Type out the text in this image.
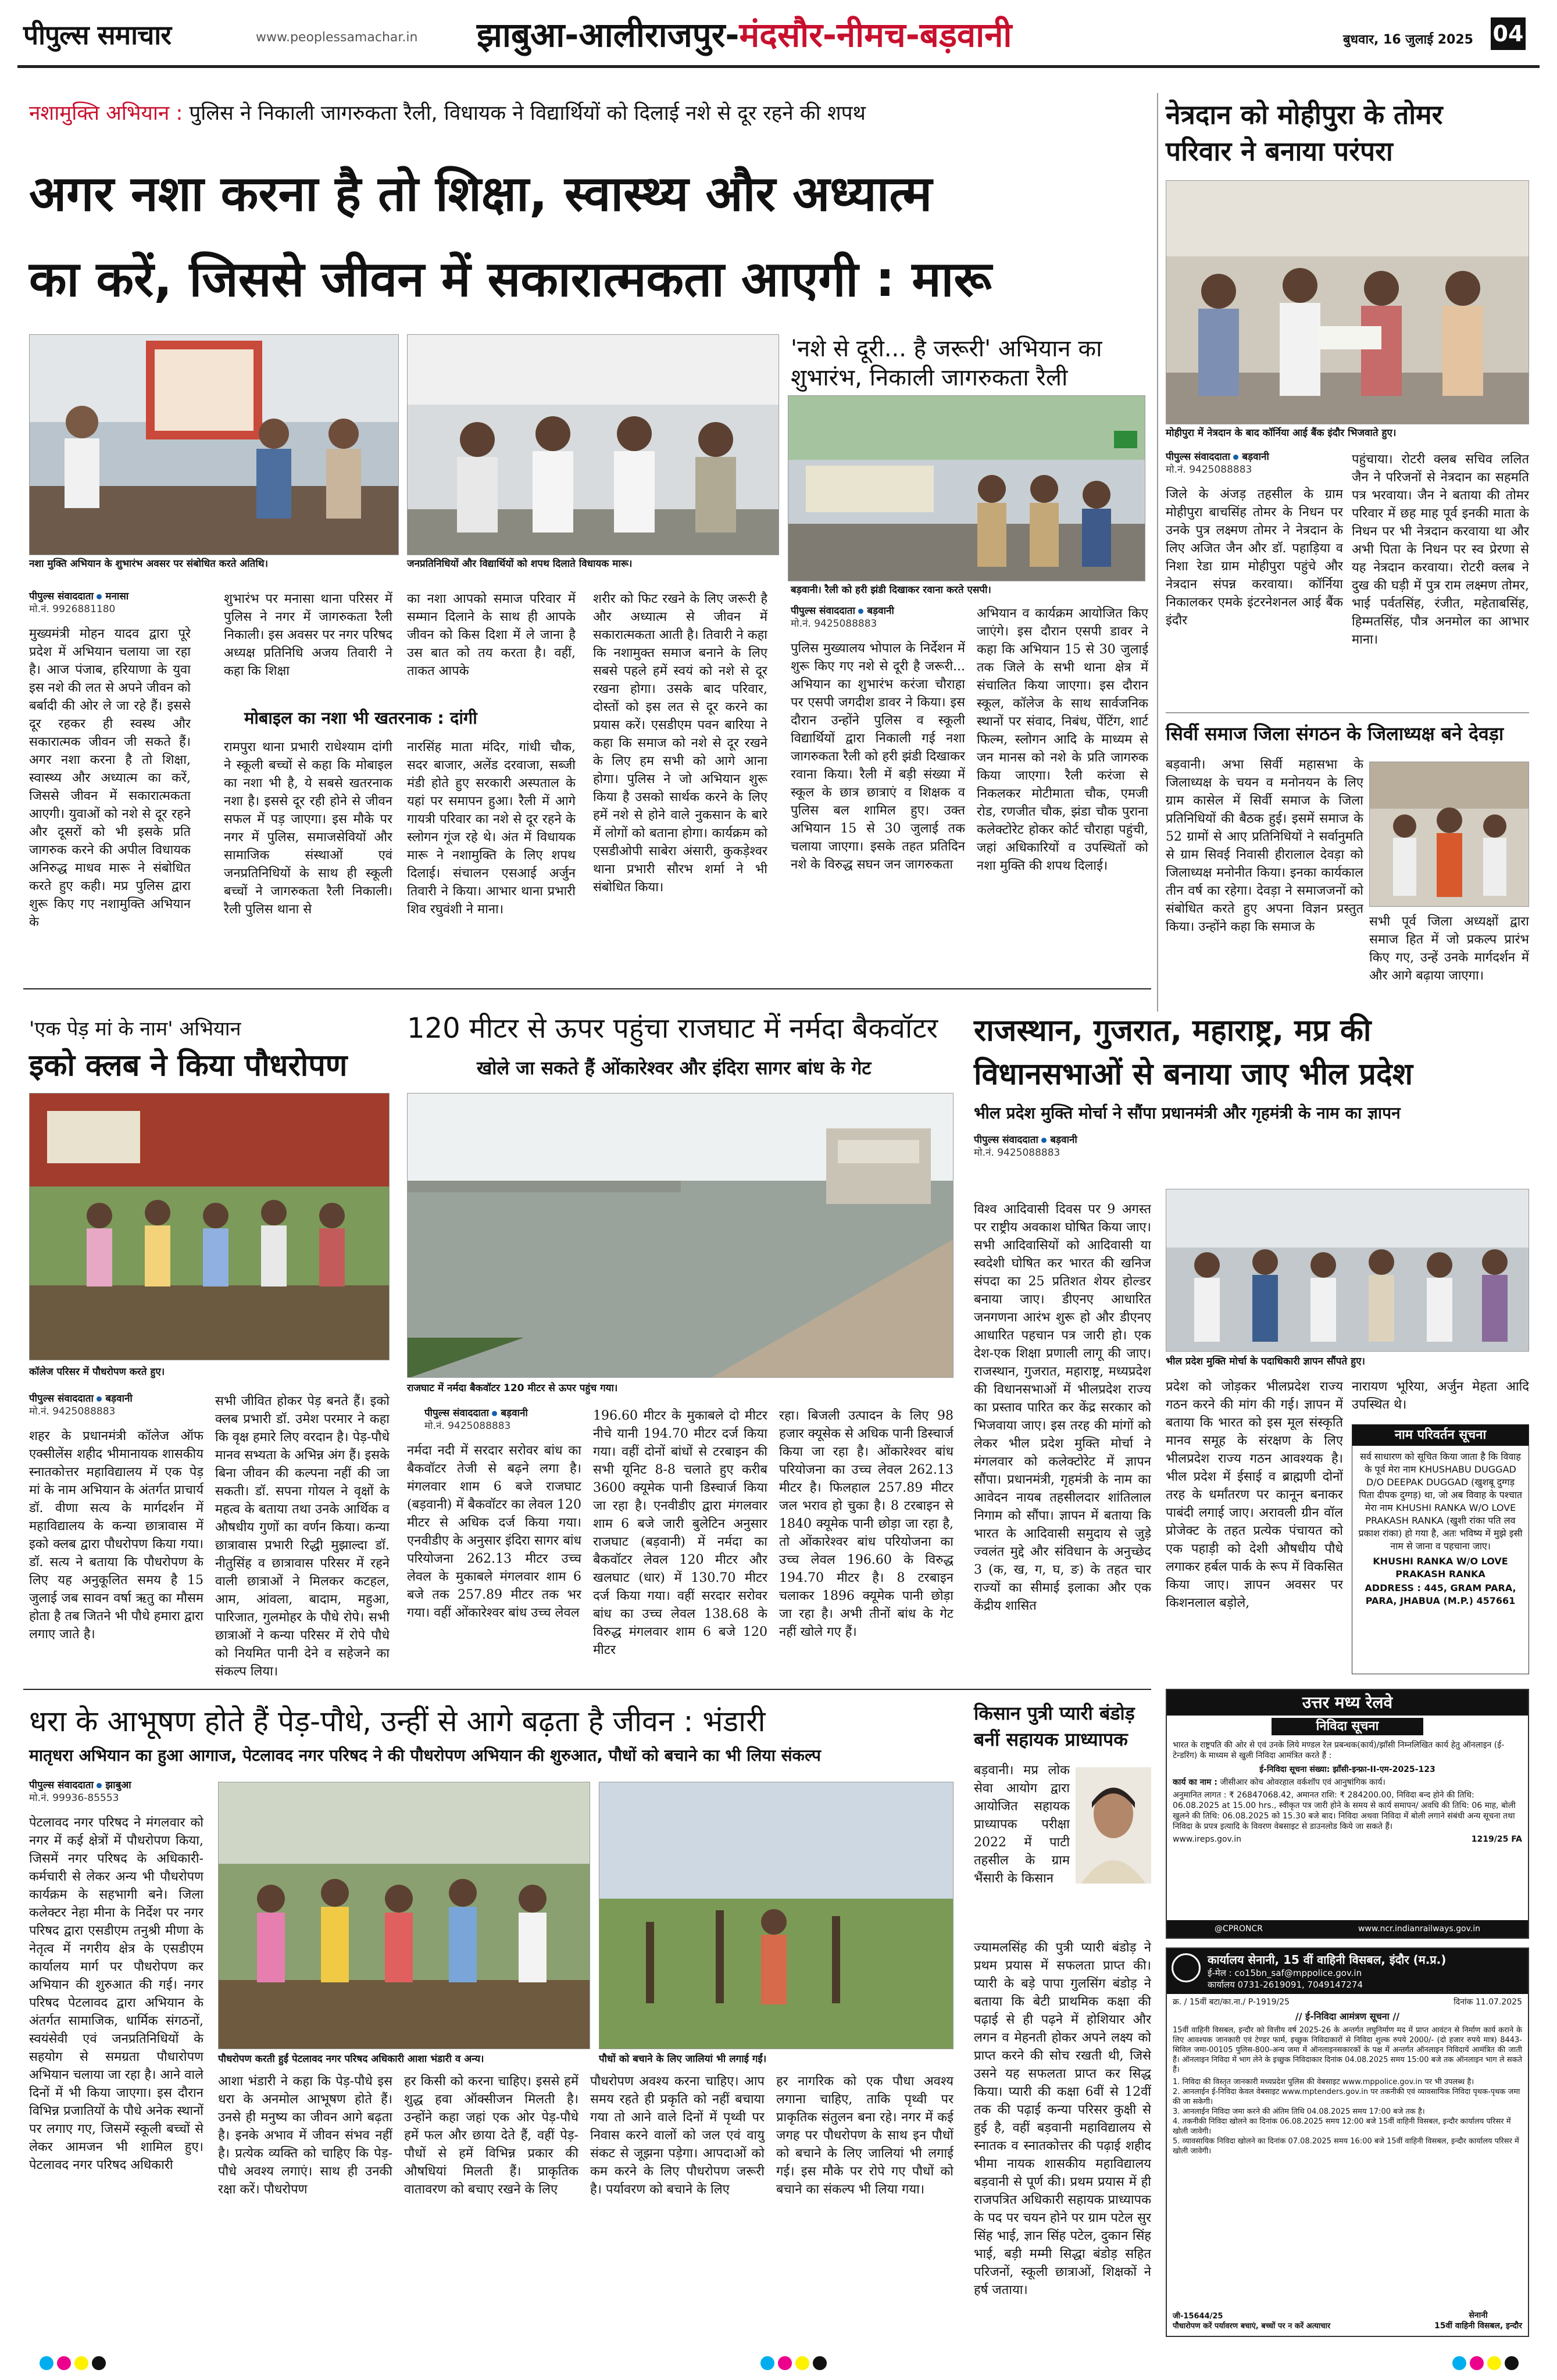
पीपुल्स समाचार	www.peoplessamachar.in झाबुआ-आलीराजपुर-मंदसौर-नीमच-बड़वानी	बुधवार, 16 जुलाई 2025 04
नशामुक्ति अभियान : पुलिस ने निकाली जागरुकता रैली, विधायक ने विद्यार्थियों को दिलाई नशे से दूर रहने की शपथ
अगर नशा करना है तो शिक्षा, स्वास्थ्य और अध्यात्म
का करें, जिससे जीवन में सकारात्मकता आएगी : मारू
नशा मुक्ति अभियान के शुभारंभ अवसर पर संबोधित करते अतिथि।	जनप्रतिनिधियों और विद्यार्थियों को शपथ दिलाते विधायक मारू।
पीपुल्स संवाददाता मनासा
मो.नं. 9926881180

मुख्यमंत्री मोहन यादव द्वारा पूरे प्रदेश में अभियान चलाया जा रहा है। आज पंजाब, हरियाणा के युवा इस नशे की लत से अपने जीवन को बर्बादी की ओर ले जा रहे हैं। इससे दूर रहकर ही स्वस्थ और सकारात्मक जीवन जी सकते हैं। अगर नशा करना है तो शिक्षा, स्वास्थ्य और अध्यात्म का करें, जिससे जीवन में सकारात्मकता आएगी। युवाओं को नशे से दूर रहने और दूसरों को भी इसके प्रति जागरुक करने की अपील विधायक अनिरुद्ध माधव मारू ने संबोधित करते हुए कही। मप्र पुलिस द्वारा शुरू किए गए नशामुक्ति अभियान के

शुभारंभ पर मनासा थाना परिसर में पुलिस ने नगर में जागरुकता रैली निकाली। इस अवसर पर नगर परिषद अध्यक्ष प्रतिनिधि अजय तिवारी ने कहा कि शिक्षा

का नशा आपको समाज परिवार में सम्मान दिलाने के साथ ही आपके जीवन को किस दिशा में ले जाना है उस बात को तय करता है। वहीं, ताकत आपके

मोबाइल का नशा भी खतरनाक : दांगी

रामपुरा थाना प्रभारी राधेश्याम दांगी ने स्कूली बच्चों से कहा कि मोबाइल का नशा भी है, ये सबसे खतरनाक नशा है। इससे दूर रही होने से जीवन सफल में पड़ जाएगा। इस मौके पर नगर में पुलिस, समाजसेवियों और सामाजिक संस्थाओं एवं जनप्रतिनिधियों के साथ ही स्कूली बच्चों ने जागरुकता रैली निकाली। रैली पुलिस थाना से

नारसिंह माता मंदिर, गांधी चौक, सदर बाजार, अलेंड दरवाजा, सब्जी मंडी होते हुए सरकारी अस्पताल के यहां पर समापन हुआ। रैली में आगे गायत्री परिवार का नशे से दूर रहने के स्लोगन गूंज रहे थे। अंत में विधायक मारू ने नशामुक्ति के लिए शपथ दिलाई। संचालन एसआई अर्जुन तिवारी ने किया। आभार थाना प्रभारी शिव रघुवंशी ने माना।

शरीर को फिट रखने के लिए जरूरी है और अध्यात्म से जीवन में सकारात्मकता आती है। तिवारी ने कहा कि नशामुक्त समाज बनाने के लिए सबसे पहले हमें स्वयं को नशे से दूर रखना होगा। उसके बाद परिवार, दोस्तों को इस लत से दूर करने का प्रयास करें। एसडीएम पवन बारिया ने कहा कि समाज को नशे से दूर रखने के लिए हम सभी को आगे आना होगा। पुलिस ने जो अभियान शुरू किया है उसको सार्थक करने के लिए हमें नशे से होने वाले नुकसान के बारे में लोगों को बताना होगा। कार्यक्रम को एसडीओपी साबेरा अंसारी, कुकड़ेश्वर थाना प्रभारी सौरभ शर्मा ने भी संबोधित किया।

'नशे से दूरी... है जरूरी' अभियान का
शुभारंभ, निकाली जागरुकता रैली
बड़वानी। रैली को हरी झंडी दिखाकर रवाना करते एसपी।
पीपुल्स संवाददाता बड़वानी
मो.नं. 9425088883

पुलिस मुख्यालय भोपाल के निर्देशन में शुरू किए गए नशे से दूरी है जरूरी... अभियान का शुभारंभ करंजा चौराहा पर एसपी जगदीश डावर ने किया। इस दौरान उन्होंने पुलिस व स्कूली विद्यार्थियों द्वारा निकाली गई नशा जागरुकता रैली को हरी झंडी दिखाकर रवाना किया। रैली में बड़ी संख्या में स्कूल के छात्र छात्राएं व शिक्षक व पुलिस बल शामिल हुए। उक्त अभियान 15 से 30 जुलाई तक चलाया जाएगा। इसके तहत प्रतिदिन नशे के विरुद्ध सघन जन जागरुकता

अभियान व कार्यक्रम आयोजित किए जाएंगे। इस दौरान एसपी डावर ने कहा कि अभियान 15 से 30 जुलाई तक जिले के सभी थाना क्षेत्र में संचालित किया जाएगा। इस दौरान स्कूल, कॉलेज के साथ सार्वजनिक स्थानों पर संवाद, निबंध, पेंटिंग, शार्ट फिल्म, स्लोगन आदि के माध्यम से जन मानस को नशे के प्रति जागरुक किया जाएगा। रैली करंजा से निकलकर मोटीमाता चौक, एमजी रोड, रणजीत चौक, झंडा चौक पुराना कलेक्टोरेट होकर कोर्ट चौराहा पहुंची, जहां अधिकारियों व उपस्थितों को नशा मुक्ति की शपथ दिलाई।

नेत्रदान को मोहीपुरा के तोमर
परिवार ने बनाया परंपरा
मोहीपुरा में नेत्रदान के बाद कॉर्निया आई बैंक इंदौर भिजवाते हुए।
पीपुल्स संवाददाता बड़वानी
मो.नं. 9425088883

जिले के अंजड़ तहसील के ग्राम मोहीपुरा बाचसिंह तोमर के निधन पर उनके पुत्र लक्ष्मण तोमर ने नेत्रदान के लिए अजित जैन और डॉ. पहाड़िया व निशा रेडा ग्राम मोहीपुरा पहुंचे और नेत्रदान संपन्न करवाया। कॉर्निया निकालकर एमके इंटरनेशनल आई बैंक इंदौर

पहुंचाया। रोटरी क्लब सचिव ललित जैन ने परिजनों से नेत्रदान का सहमति पत्र भरवाया। जैन ने बताया की तोमर परिवार में छह माह पूर्व इनकी माता के निधन पर भी नेत्रदान करवाया था और अभी पिता के निधन पर स्व प्रेरणा से यह नेत्रदान करवाया। रोटरी क्लब ने दुख की घड़ी में पुत्र राम लक्ष्मण तोमर, भाई पर्वतसिंह, रंजीत, महेताबसिंह, हिम्मतसिंह, पौत्र अनमोल का आभार माना।

सिर्वी समाज जिला संगठन के जिलाध्यक्ष बने देवड़ा

बड़वानी। अभा सिर्वी महासभा के जिलाध्यक्ष के चयन व मनोनयन के लिए ग्राम कासेल में सिर्वी समाज के जिला प्रतिनिधियों की बैठक हुई। इसमें समाज के 52 ग्रामों से आए प्रतिनिधियों ने सर्वानुमति से ग्राम सिवई निवासी हीरालाल देवड़ा को जिलाध्यक्ष मनोनीत किया। इनका कार्यकाल तीन वर्ष का रहेगा। देवड़ा ने समाजजनों को संबोधित करते हुए अपना विज्ञन प्रस्तुत किया। उन्होंने कहा कि समाज के	सभी पूर्व जिला अध्यक्षों द्वारा समाज हित में जो प्रकल्प प्रारंभ किए गए, उन्हें उनके मार्गदर्शन में और आगे बढ़ाया जाएगा।

'एक पेड़ मां के नाम' अभियान
इको क्लब ने किया पौधरोपण
कॉलेज परिसर में पौधरोपण करते हुए।
पीपुल्स संवाददाता बड़वानी
मो.नं. 9425088883

शहर के प्रधानमंत्री कॉलेज ऑफ एक्सीलेंस शहीद भीमानायक शासकीय स्नातकोत्तर महाविद्यालय में एक पेड़ मां के नाम अभियान के अंतर्गत प्राचार्य डॉ. वीणा सत्य के मार्गदर्शन में महाविद्यालय के कन्या छात्रावास में इको क्लब द्वारा पौधरोपण किया गया। डॉ. सत्य ने बताया कि पौधरोपण के लिए यह अनुकूलित समय है 15 जुलाई जब सावन वर्षा ऋतु का मौसम होता है तब जितने भी पौधे हमारा द्वारा लगाए जाते है।

सभी जीवित होकर पेड़ बनते हैं। इको क्लब प्रभारी डॉ. उमेश परमार ने कहा कि वृक्ष हमारे लिए वरदान है। पेड़-पौधे मानव सभ्यता के अभिन्न अंग हैं। इसके बिना जीवन की कल्पना नहीं की जा सकती। डॉ. सपना गोयल ने वृक्षों के महत्व के बताया तथा उनके आर्थिक व औषधीय गुणों का वर्णन किया। कन्या छात्रावास प्रभारी रिद्धी मुझाल्दा डॉ. नीतुसिंह व छात्रावास परिसर में रहने वाली छात्राओं ने मिलकर कटहल, आम, आंवला, बादाम, महुआ, पारिजात, गुलमोहर के पौधे रोपे। सभी छात्राओं ने कन्या परिसर में रोपे पौधे को नियमित पानी देने व सहेजने का संकल्प लिया।

120 मीटर से ऊपर पहुंचा राजघाट में नर्मदा बैकवॉटर
खोले जा सकते हैं ओंकारेश्वर और इंदिरा सागर बांध के गेट
राजघाट में नर्मदा बैकवॉटर 120 मीटर से ऊपर पहुंच गया।
पीपुल्स संवाददाता बड़वानी
मो.नं. 9425088883

नर्मदा नदी में सरदार सरोवर बांध का बैकवॉटर तेजी से बढ़ने लगा है। मंगलवार शाम 6 बजे राजघाट (बड़वानी) में बैकवॉटर का लेवल 120 मीटर से अधिक दर्ज किया गया। एनवीडीए के अनुसार इंदिरा सागर बांध परियोजना 262.13 मीटर उच्च लेवल के मुकाबले मंगलवार शाम 6 बजे तक 257.89 मीटर तक भर गया। वहीं ओंकारेश्वर बांध उच्च लेवल

196.60 मीटर के मुकाबले दो मीटर नीचे यानी 194.70 मीटर दर्ज किया गया। वहीं दोनों बांधों से टरबाइन की सभी यूनिट 8-8 चलाते हुए करीब 3600 क्यूमेक पानी डिस्चार्ज किया जा रहा है। एनवीडीए द्वारा मंगलवार शाम 6 बजे जारी बुलेटिन अनुसार राजघाट (बड़वानी) में नर्मदा का बैकवॉटर लेवल 120 मीटर और खलघाट (धार) में 130.70 मीटर दर्ज किया गया। वहीं सरदार सरोवर बांध का उच्च लेवल 138.68 के विरुद्ध मंगलवार शाम 6 बजे 120 मीटर

रहा। बिजली उत्पादन के लिए 98 हजार क्यूसेक से अधिक पानी डिस्चार्ज किया जा रहा है। ओंकारेश्वर बांध परियोजना का उच्च लेवल 262.13 मीटर है। फिलहाल 257.89 मीटर जल भराव हो चुका है। 8 टरबाइन से 1840 क्यूमेक पानी छोड़ा जा रहा है, तो ओंकारेश्वर बांध परियोजना का उच्च लेवल 196.60 के विरुद्ध 194.70 मीटर है। 8 टरबाइन चलाकर 1896 क्यूमेक पानी छोड़ा जा रहा है। अभी तीनों बांध के गेट नहीं खोले गए हैं।

राजस्थान, गुजरात, महाराष्ट्र, मप्र की
विधानसभाओं से बनाया जाए भील प्रदेश
भील प्रदेश मुक्ति मोर्चा ने सौंपा प्रधानमंत्री और गृहमंत्री के नाम का ज्ञापन
पीपुल्स संवाददाता बड़वानी
मो.नं. 9425088883

विश्व आदिवासी दिवस पर 9 अगस्त पर राष्ट्रीय अवकाश घोषित किया जाए। सभी आदिवासियों को आदिवासी या स्वदेशी घोषित कर भारत की खनिज संपदा का 25 प्रतिशत शेयर होल्डर बनाया जाए। डीएनए आधारित जनगणना आरंभ शुरू हो और डीएनए आधारित पहचान पत्र जारी हो। एक देश-एक शिक्षा प्रणाली लागू की जाए। राजस्थान, गुजरात, महाराष्ट्र, मध्यप्रदेश की विधानसभाओं में भीलप्रदेश राज्य का प्रस्ताव पारित कर केंद्र सरकार को भिजवाया जाए। इस तरह की मांगों को लेकर भील प्रदेश मुक्ति मोर्चा ने मंगलवार को कलेक्टोरेट में ज्ञापन सौंपा। प्रधानमंत्री, गृहमंत्री के नाम का आवेदन नायब तहसीलदार शांतिलाल निगाम को सौंपा। ज्ञापन में बताया कि भारत के आदिवासी समुदाय से जुड़े ज्वलंत मुद्दे और संविधान के अनुच्छेद 3 (क, ख, ग, घ, ङ) के तहत चार राज्यों का सीमाई इलाका और एक केंद्रीय शासित

भील प्रदेश मुक्ति मोर्चा के पदाधिकारी ज्ञापन सौंपते हुए।

प्रदेश को जोड़कर भीलप्रदेश राज्य गठन करने की मांग की गई। ज्ञापन में बताया कि भारत को इस मूल संस्कृति मानव समूह के संरक्षण के लिए भीलप्रदेश राज्य गठन आवश्यक है। भील प्रदेश में ईसाई व ब्राह्मणी दोनों तरह के धर्मांतरण पर कानून बनाकर पाबंदी लगाई जाए। अरावली ग्रीन वॉल प्रोजेक्ट के तहत प्रत्येक पंचायत को एक पहाड़ी को देशी औषधीय पौधे लगाकर हर्बल पार्क के रूप में विकसित किया जाए। ज्ञापन अवसर पर किशनलाल बड़ोले,

नारायण भूरिया, अर्जुन मेहता आदि उपस्थित थे।

नाम परिवर्तन सूचना
सर्व साधारण को सूचित किया जाता है कि विवाह के पूर्व मेरा नाम KHUSHABU DUGGAD D/O DEEPAK DUGGAD (खुशबू दुग्गड़ पिता दीपक दुग्गड़) था, जो अब विवाह के पश्चात मेरा नाम KHUSHI RANKA W/O LOVE PRAKASH RANKA (खुशी रांका पति लव प्रकाश रांका) हो गया है, अतः भविष्य में मुझे इसी नाम से जाना व पहचाना जाए।
KHUSHI RANKA W/O LOVE PRAKASH RANKA
ADDRESS : 445, GRAM PARA, PARA, JHABUA (M.P.) 457661
धरा के आभूषण होते हैं पेड़-पौधे, उन्हीं से आगे बढ़ता है जीवन : भंडारी
मातृधरा अभियान का हुआ आगाज, पेटलावद नगर परिषद ने की पौधरोपण अभियान की शुरुआत, पौधों को बचाने का भी लिया संकल्प
पीपुल्स संवाददाता झाबुआ
मो.नं. 99936-85553

पेटलावद नगर परिषद ने मंगलवार को नगर में कई क्षेत्रों में पौधरोपण किया, जिसमें नगर परिषद के अधिकारी-कर्मचारी से लेकर अन्य भी पौधरोपण कार्यक्रम के सहभागी बने। जिला कलेक्टर नेहा मीना के निर्देश पर नगर परिषद द्वारा एसडीएम तनुश्री मीणा के नेतृत्व में नगरीय क्षेत्र के एसडीएम कार्यालय मार्ग पर पौधरोपण कर अभियान की शुरुआत की गई। नगर परिषद पेटलावद द्वारा अभियान के अंतर्गत सामाजिक, धार्मिक संगठनों, स्वयंसेवी एवं जनप्रतिनिधियों के सहयोग से समग्रता पौधारोपण अभियान चलाया जा रहा है। आने वाले दिनों में भी किया जाएगा। इस दौरान विभिन्न प्रजातियों के पौधे अनेक स्थानों पर लगाए गए, जिसमें स्कूली बच्चों से लेकर आमजन भी शामिल हुए। पेटलावद नगर परिषद अधिकारी

पौधरोपण करती हुईं पेटलावद नगर परिषद अधिकारी आशा भंडारी व अन्य।	पौधों को बचाने के लिए जालियां भी लगाई गईं।

आशा भंडारी ने कहा कि पेड़-पौधे इस धरा के अनमोल आभूषण होते हैं। उनसे ही मनुष्य का जीवन आगे बढ़ता है। इनके अभाव में जीवन संभव नहीं है। प्रत्येक व्यक्ति को चाहिए कि पेड़-पौधे अवश्य लगाएं। साथ ही उनकी रक्षा करें। पौधरोपण

हर किसी को करना चाहिए। इससे हमें शुद्ध हवा ऑक्सीजन मिलती है। उन्होंने कहा जहां एक ओर पेड़-पौधे हमें फल और छाया देते हैं, वहीं पेड़-पौधों से हमें विभिन्न प्रकार की औषधियां मिलती हैं। प्राकृतिक वातावरण को बचाए रखने के लिए

पौधरोपण अवश्य करना चाहिए। आप समय रहते ही प्रकृति को नहीं बचाया गया तो आने वाले दिनों में पृथ्वी पर निवास करने वालों को जल एवं वायु संकट से जूझना पड़ेगा। आपदाओं को कम करने के लिए पौधरोपण जरूरी है। पर्यावरण को बचाने के लिए

हर नागरिक को एक पौधा अवश्य लगाना चाहिए, ताकि पृथ्वी पर प्राकृतिक संतुलन बना रहे। नगर में कई जगह पर पौधरोपण के साथ इन पौधों को बचाने के लिए जालियां भी लगाई गई। इस मौके पर रोपे गए पौधों को बचाने का संकल्प भी लिया गया।

किसान पुत्री प्यारी बंडोड़
बनीं सहायक प्राध्यापक

बड़वानी। मप्र लोक सेवा आयोग द्वारा आयोजित सहायक प्राध्यापक परीक्षा 2022 में पाटी तहसील के ग्राम भैंसारी के किसान

ज्यामलसिंह की पुत्री प्यारी बंडोड़ ने प्रथम प्रयास में सफलता प्राप्त की। प्यारी के बड़े पापा गुलसिंग बंडोड़ ने बताया कि बेटी प्राथमिक कक्षा की पढ़ाई से ही पढ़ने में होशियार और लगन व मेहनती होकर अपने लक्ष्य को प्राप्त करने की सोच रखती थी, जिसे उसने यह सफलता प्राप्त कर सिद्ध किया। प्यारी की कक्षा 6वीं से 12वीं तक की पढ़ाई कन्या परिसर कुक्षी से हुई है, वहीं बड़वानी महाविद्यालय से स्नातक व स्नातकोत्तर की पढ़ाई शहीद भीमा नायक शासकीय महाविद्यालय बड़वानी से पूर्ण की। प्रथम प्रयास में ही राजपत्रित अधिकारी सहायक प्राध्यापक के पद पर चयन होने पर ग्राम पटेल सुर सिंह भाई, ज्ञान सिंह पटेल, दुकान सिंह भाई, बड़ी मम्मी सिद्धा बंडोड़ सहित परिजनों, स्कूली छात्राओं, शिक्षकों ने हर्ष जताया।

उत्तर मध्य रेलवे
निविदा सूचना
भारत के राष्ट्रपति की ओर से एवं उनके लिये मण्डल रेल प्रबन्धक(कार्य)/झाँसी निम्नलिखित कार्य हेतु ऑनलाइन (ई-टेन्डरिंग) के माध्यम से खुली निविदा आमंत्रित करते हैं :
ई-निविदा सूचना संख्या: झाँसी-इन्फ्रा-II-एम-2025-123
कार्य का नाम : जीसीआर कोच ओवरहाल वर्कशॉप एवं आनुषांगिक कार्य।
अनुमानित लागत : ₹ 26847068.42, अमानत राशि: ₹ 284200.00, निविदा बन्द होने की तिथि: 06.08.2025 at 15.00 hrs., स्वीकृत पत्र जारी होने के समय से कार्य समापन/ अवधि की तिथि: 06 माह, बोली खुलने की तिथि: 06.08.2025 को 15.30 बजे बाद। निविदा अथवा निविदा में बोली लगाने संबंधी अन्य सूचना तथा निविदा के प्रपत्र इत्यादि के विवरण वेबसाइट से डाउनलोड किये जा सकते हैं।
www.ireps.gov.in	1219/25 FA
@CPRONCR	www.ncr.indianrailways.gov.in
कार्यालय सेनानी, 15 वीं वाहिनी विसबल, इंदौर (म.प्र.)
ई-मेल : co15bn_saf@mppolice.gov.in
कार्यालय 0731-2619091, 7049147274
क्र. / 15वीं बटा/का.ना./ P-1919/25	दिनांक 11.07.2025
// ई-निविदा आमंत्रण सूचना //
15वीं वाहिनी विसबल, इन्दौर को वित्तीय वर्ष 2025-26 के अन्तर्गत लघुनिर्माण मद में प्राप्त आवंटन से निर्माण कार्य कराने के लिए आवश्यक जानकारी एवं टेण्डर फार्म, इच्छुक निविदाकारों से निविदा शुल्क रुपये 2000/- (दो हजार रुपये मात्र) 8443-सिविल जमा-00105 पुलिस-800-अन्य जमा में ऑनलाइनसकारकों के पक्ष में अन्तर्गत ऑनलाइन निविदायें आमंत्रित की जाती हैं। ऑनलाइन निविदा में भाग लेने के इच्छुक निविदाकार दिनांक 04.08.2025 समय 15:00 बजे तक ऑनलाइन भाग ले सकते हैं।
1. निविदा की विस्तृत जानकारी मध्यप्रदेश पुलिस की वेबसाइट www.mppolice.gov.in पर भी उपलब्ध है।
2. आनलाईन ई-निविदा केवल वेबसाइट www.mptenders.gov.in पर तकनीकी एवं व्यावसायिक निविदा पृथक-पृथक जमा की जा सकेगी।
3. आनलाईन निविदा जमा करने की अंतिम तिथि 04.08.2025 समय 17:00 बजे तक है।
4. तकनीकी निविदा खोलने का दिनांक 06.08.2025 समय 12:00 बजे 15वीं वाहिनी विसबल, इन्दौर कार्यालय परिसर में खोली जावेगी।
5. व्यावसायिक निविदा खोलने का दिनांक 07.08.2025 समय 16:00 बजे 15वीं वाहिनी विसबल, इन्दौर कार्यालय परिसर में खोली जावेगी।
जी-15644/25
पौधारोपण करें पर्यावरण बचाएं, बच्चों पर न करें अत्याचार
सेनानी
15वीं वाहिनी विसबल, इन्दौर
